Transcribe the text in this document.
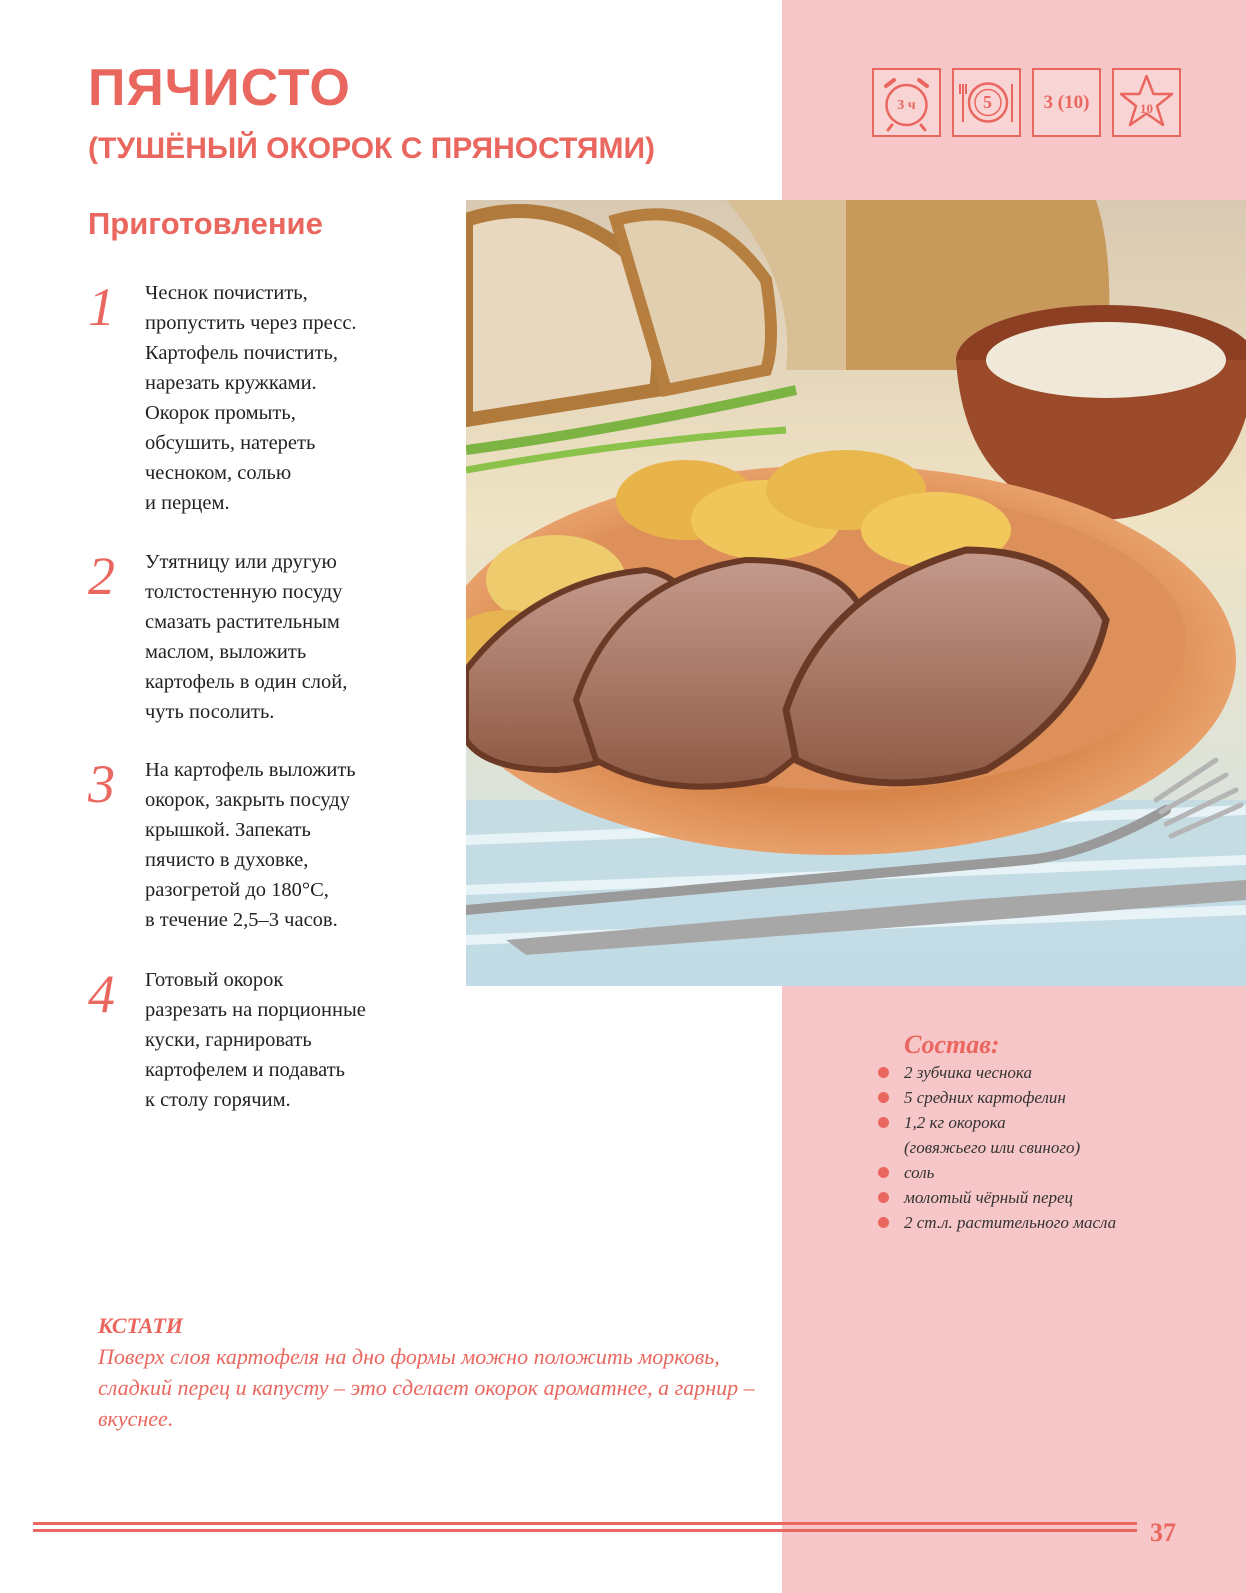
ПЯЧИСТО
(ТУШЁНЫЙ ОКОРОК С ПРЯНОСТЯМИ)
Приготовление
3 ч	5	3 (10)	10
1	Чеснок почистить,
пропустить через пресс.
Картофель почистить,
нарезать кружками.
Окорок промыть,
обсушить, натереть
чесноком, солью
и перцем.
2	Утятницу или другую
толстостенную посуду
смазать растительным
маслом, выложить
картофель в один слой,
чуть посолить.
3	На картофель выложить
окорок, закрыть посуду
крышкой. Запекать
пячисто в духовке,
разогретой до 180°С,
в течение 2,5–3 часов.
4	Готовый окорок
разрезать на порционные
куски, гарнировать
картофелем и подавать
к столу горячим.
Состав:
2 зубчика чеснока
5 средних картофелин
1,2 кг окорока
(говяжьего или свиного)
соль
молотый чёрный перец
2 ст.л. растительного масла
КСТАТИ

Поверх слоя картофеля на дно формы можно положить морковь, сладкий перец и капусту – это сделает окорок ароматнее, а гарнир – вкуснее.

37
